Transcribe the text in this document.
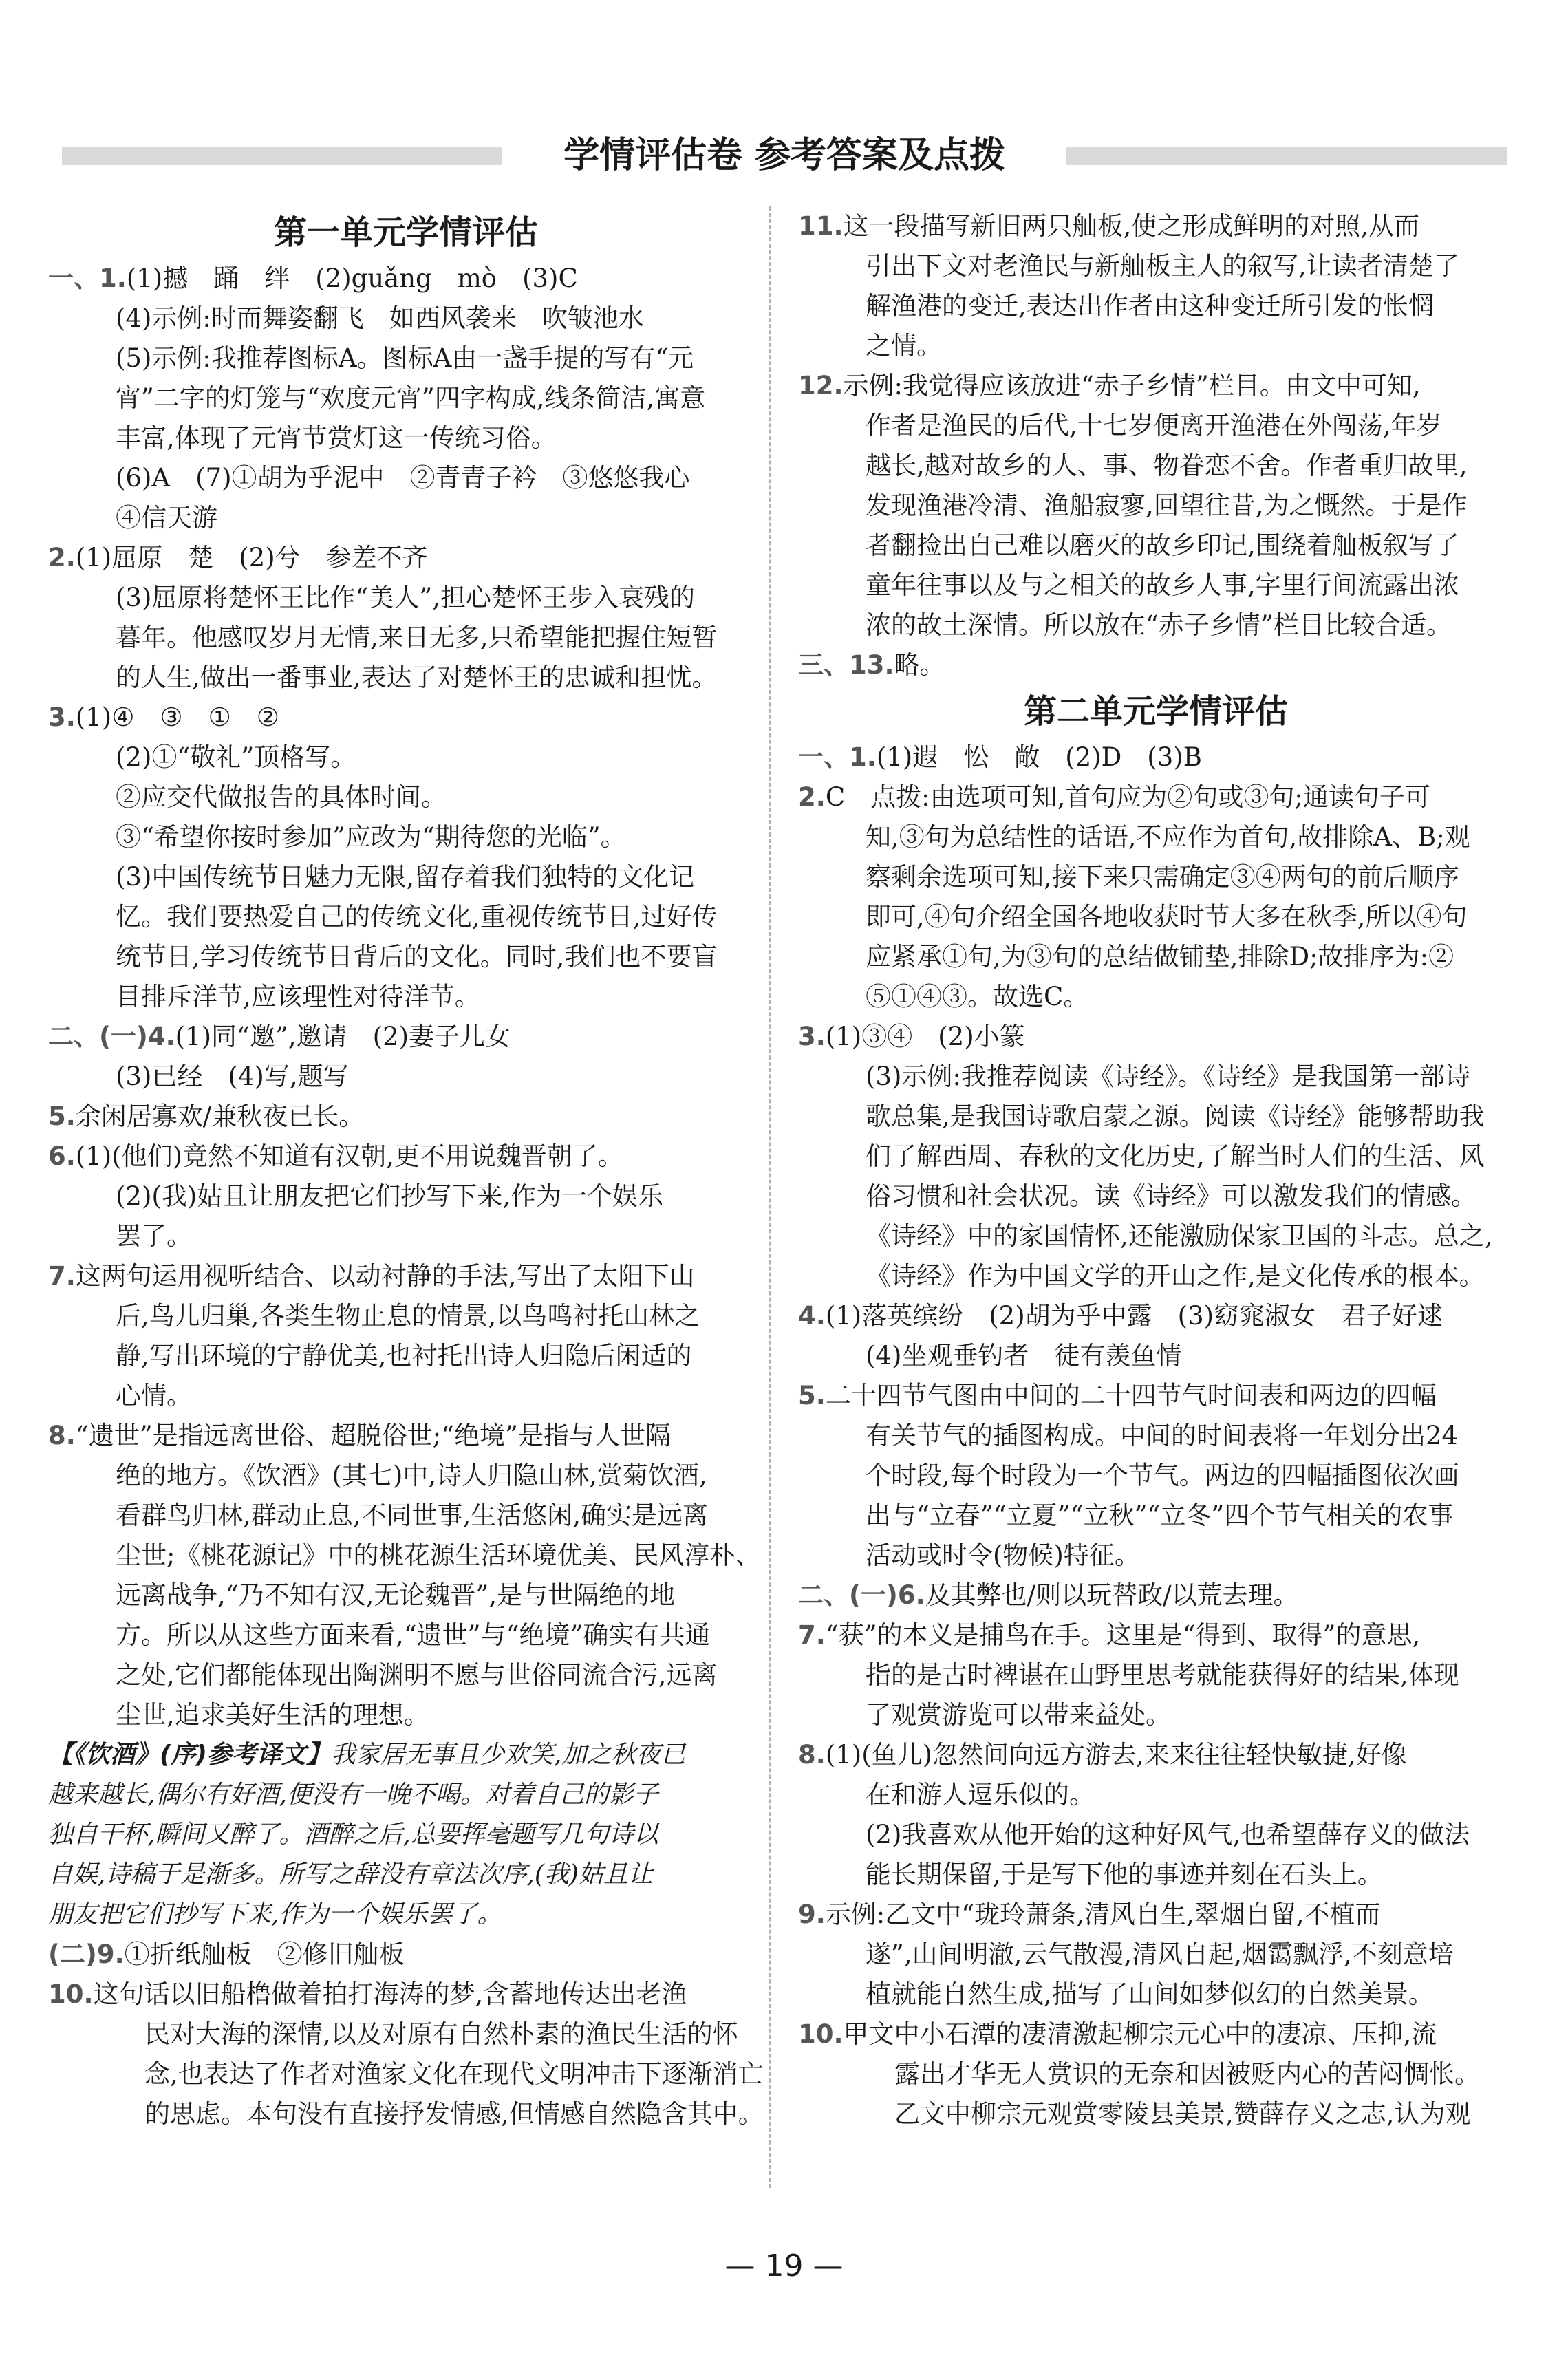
学情评估卷 参考答案及点拨
第一单元学情评估
一、1.(1)撼　踊　绊　(2)guǎng　mò　(3)C
(4)示例:时而舞姿翻飞　如西风袭来　吹皱池水
(5)示例:我推荐图标A。图标A由一盏手提的写有“元
宵”二字的灯笼与“欢度元宵”四字构成,线条简洁,寓意
丰富,体现了元宵节赏灯这一传统习俗。
(6)A　(7)①胡为乎泥中　②青青子衿　③悠悠我心
④信天游
2.(1)屈原　楚　(2)兮　参差不齐
(3)屈原将楚怀王比作“美人”,担心楚怀王步入衰残的
暮年。他感叹岁月无情,来日无多,只希望能把握住短暂
的人生,做出一番事业,表达了对楚怀王的忠诚和担忧。
3.(1)④　③　①　②
(2)①“敬礼”顶格写。
②应交代做报告的具体时间。
③“希望你按时参加”应改为“期待您的光临”。
(3)中国传统节日魅力无限,留存着我们独特的文化记
忆。我们要热爱自己的传统文化,重视传统节日,过好传
统节日,学习传统节日背后的文化。同时,我们也不要盲
目排斥洋节,应该理性对待洋节。
二、(一)4.(1)同“邀”,邀请　(2)妻子儿女
(3)已经　(4)写,题写
5.余闲居寡欢/兼秋夜已长。
6.(1)(他们)竟然不知道有汉朝,更不用说魏晋朝了。
(2)(我)姑且让朋友把它们抄写下来,作为一个娱乐
罢了。
7.这两句运用视听结合、以动衬静的手法,写出了太阳下山
后,鸟儿归巢,各类生物止息的情景,以鸟鸣衬托山林之
静,写出环境的宁静优美,也衬托出诗人归隐后闲适的
心情。
8.“遗世”是指远离世俗、超脱俗世;“绝境”是指与人世隔
绝的地方。《饮酒》(其七)中,诗人归隐山林,赏菊饮酒,
看群鸟归林,群动止息,不同世事,生活悠闲,确实是远离
尘世;《桃花源记》中的桃花源生活环境优美、民风淳朴、
远离战争,“乃不知有汉,无论魏晋”,是与世隔绝的地
方。所以从这些方面来看,“遗世”与“绝境”确实有共通
之处,它们都能体现出陶渊明不愿与世俗同流合污,远离
尘世,追求美好生活的理想。
【《饮酒》(序)参考译文】我家居无事且少欢笑,加之秋夜已
越来越长,偶尔有好酒,便没有一晚不喝。对着自己的影子
独自干杯,瞬间又醉了。酒醉之后,总要挥毫题写几句诗以
自娱,诗稿于是渐多。所写之辞没有章法次序,(我)姑且让
朋友把它们抄写下来,作为一个娱乐罢了。
(二)9.①折纸舢板　②修旧舢板
10.这句话以旧船橹做着拍打海涛的梦,含蓄地传达出老渔
民对大海的深情,以及对原有自然朴素的渔民生活的怀
念,也表达了作者对渔家文化在现代文明冲击下逐渐消亡
的思虑。本句没有直接抒发情感,但情感自然隐含其中。
11.这一段描写新旧两只舢板,使之形成鲜明的对照,从而
引出下文对老渔民与新舢板主人的叙写,让读者清楚了
解渔港的变迁,表达出作者由这种变迁所引发的怅惘
之情。
12.示例:我觉得应该放进“赤子乡情”栏目。由文中可知,
作者是渔民的后代,十七岁便离开渔港在外闯荡,年岁
越长,越对故乡的人、事、物眷恋不舍。作者重归故里,
发现渔港冷清、渔船寂寥,回望往昔,为之慨然。于是作
者翻捡出自己难以磨灭的故乡印记,围绕着舢板叙写了
童年往事以及与之相关的故乡人事,字里行间流露出浓
浓的故土深情。所以放在“赤子乡情”栏目比较合适。
三、13.略。
第二单元学情评估
一、1.(1)遐　忪　敞　(2)D　(3)B
2.C　点拨:由选项可知,首句应为②句或③句;通读句子可
知,③句为总结性的话语,不应作为首句,故排除A、B;观
察剩余选项可知,接下来只需确定③④两句的前后顺序
即可,④句介绍全国各地收获时节大多在秋季,所以④句
应紧承①句,为③句的总结做铺垫,排除D;故排序为:②
⑤①④③。故选C。
3.(1)③④　(2)小篆
(3)示例:我推荐阅读《诗经》。《诗经》是我国第一部诗
歌总集,是我国诗歌启蒙之源。阅读《诗经》能够帮助我
们了解西周、春秋的文化历史,了解当时人们的生活、风
俗习惯和社会状况。读《诗经》可以激发我们的情感。
《诗经》中的家国情怀,还能激励保家卫国的斗志。总之,
《诗经》作为中国文学的开山之作,是文化传承的根本。
4.(1)落英缤纷　(2)胡为乎中露　(3)窈窕淑女　君子好逑
(4)坐观垂钓者　徒有羡鱼情
5.二十四节气图由中间的二十四节气时间表和两边的四幅
有关节气的插图构成。中间的时间表将一年划分出24
个时段,每个时段为一个节气。两边的四幅插图依次画
出与“立春”“立夏”“立秋”“立冬”四个节气相关的农事
活动或时令(物候)特征。
二、(一)6.及其弊也/则以玩替政/以荒去理。
7.“获”的本义是捕鸟在手。这里是“得到、取得”的意思,
指的是古时裨谌在山野里思考就能获得好的结果,体现
了观赏游览可以带来益处。
8.(1)(鱼儿)忽然间向远方游去,来来往往轻快敏捷,好像
在和游人逗乐似的。
(2)我喜欢从他开始的这种好风气,也希望薛存义的做法
能长期保留,于是写下他的事迹并刻在石头上。
9.示例:乙文中“珑玲萧条,清风自生,翠烟自留,不植而
遂”,山间明澈,云气散漫,清风自起,烟霭飘浮,不刻意培
植就能自然生成,描写了山间如梦似幻的自然美景。
10.甲文中小石潭的凄清激起柳宗元心中的凄凉、压抑,流
露出才华无人赏识的无奈和因被贬内心的苦闷惆怅。
乙文中柳宗元观赏零陵县美景,赞薛存义之志,认为观
— 19 —
